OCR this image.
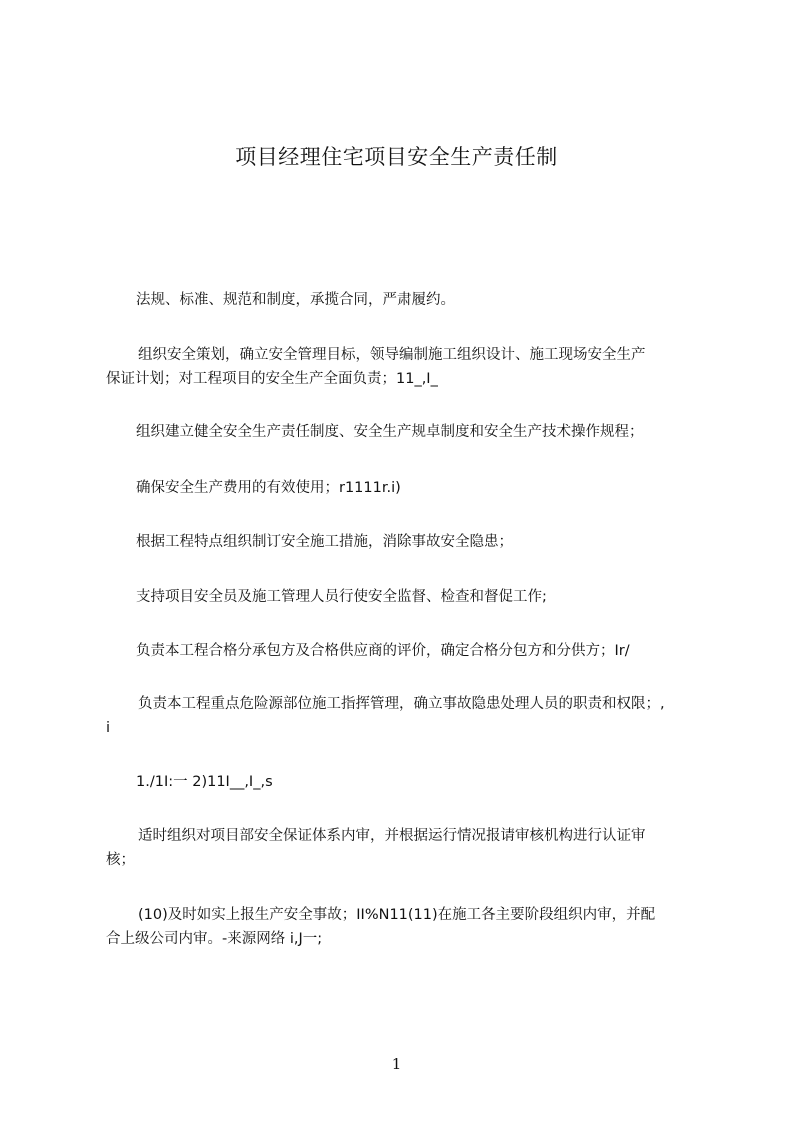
项目经理住宅项目安全生产责任制

法规、标准、规范和制度，承揽合同，严肃履约。

组织安全策划，确立安全管理目标，领导编制施工组织设计、施工现场安全生产
保证计划；对工程项目的安全生产全面负责；11_,I_

组织建立健全安全生产责任制度、安全生产规卓制度和安全生产技术操作规程；

确保安全生产费用的有效使用；r1111r.i)

根据工程特点组织制订安全施工措施，消除事故安全隐患；

支持项目安全员及施工管理人员行使安全监督、检查和督促工作;

负责本工程合格分承包方及合格供应商的评价，确定合格分包方和分供方；Ir/

负责本工程重点危险源部位施工指挥管理，确立事故隐患处理人员的职责和权限；,
i

1./1I:一 2)11I__,I_,s

适时组织对项目部安全保证体系内审，并根据运行情况报请审核机构进行认证审
核；

(10)及时如实上报生产安全事故；II%N11(11)在施工各主要阶段组织内审，并配
合上级公司内审。-来源网络 i,J一;

1
